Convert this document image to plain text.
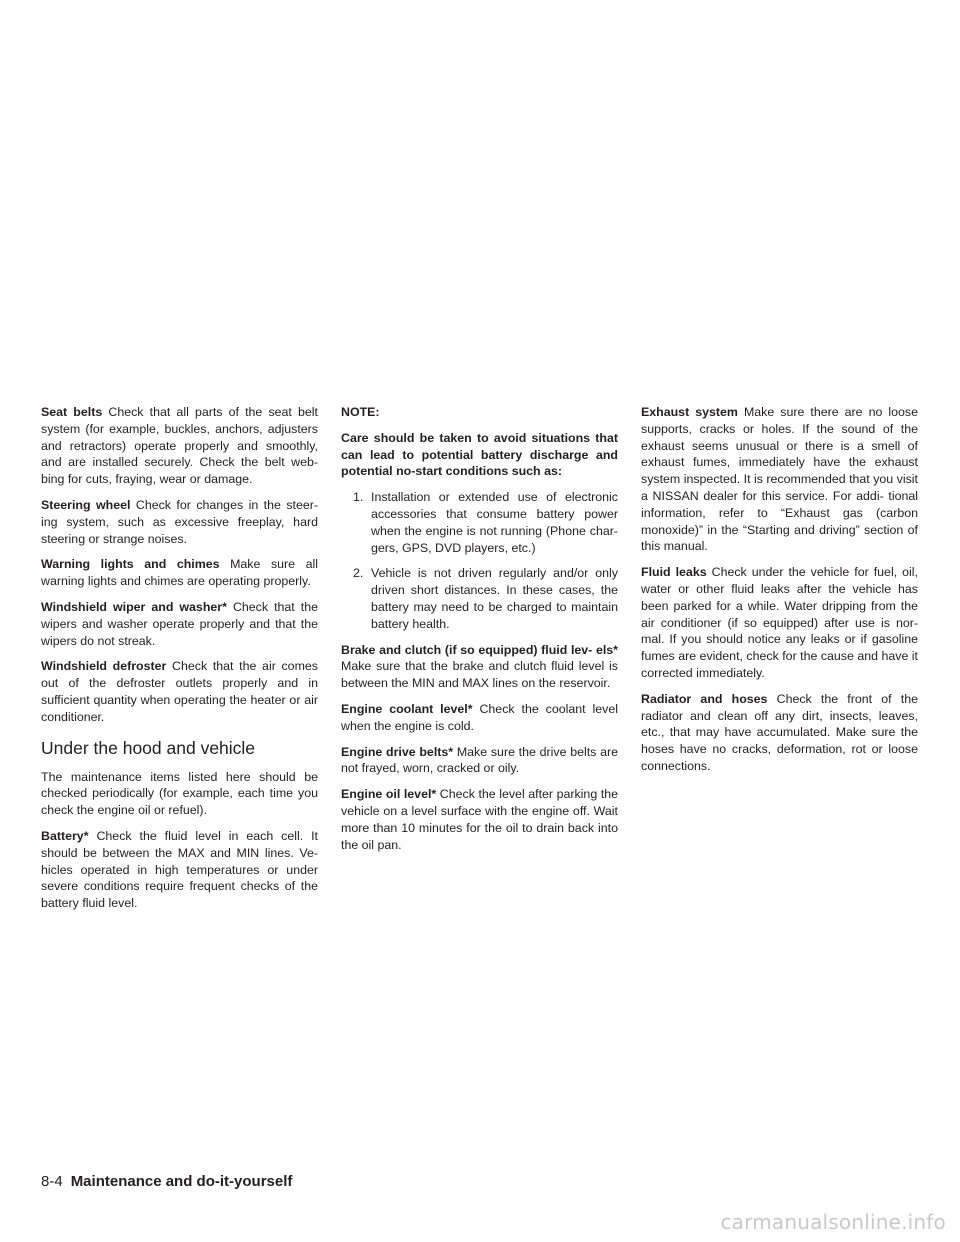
Seat belts Check that all parts of the seat belt system (for example, buckles, anchors, adjusters and retractors) operate properly and smoothly, and are installed securely. Check the belt web- bing for cuts, fraying, wear or damage.

Steering wheel Check for changes in the steer- ing system, such as excessive freeplay, hard steering or strange noises.

Warning lights and chimes Make sure all warning lights and chimes are operating properly.

Windshield wiper and washer* Check that the wipers and washer operate properly and that the wipers do not streak.

Windshield defroster Check that the air comes out of the defroster outlets properly and in sufficient quantity when operating the heater or air conditioner.

Under the hood and vehicle

The maintenance items listed here should be checked periodically (for example, each time you check the engine oil or refuel).

Battery* Check the fluid level in each cell. It should be between the MAX and MIN lines. Ve- hicles operated in high temperatures or under severe conditions require frequent checks of the battery fluid level.

NOTE:

Care should be taken to avoid situations that can lead to potential battery discharge and potential no-start conditions such as:

1. Installation or extended use of electronic accessories that consume battery power when the engine is not running (Phone char- gers, GPS, DVD players, etc.)
2. Vehicle is not driven regularly and/or only driven short distances. In these cases, the battery may need to be charged to maintain battery health.

Brake and clutch (if so equipped) fluid lev- els* Make sure that the brake and clutch fluid level is between the MIN and MAX lines on the reservoir.

Engine coolant level* Check the coolant level when the engine is cold.

Engine drive belts* Make sure the drive belts are not frayed, worn, cracked or oily.

Engine oil level* Check the level after parking the vehicle on a level surface with the engine off. Wait more than 10 minutes for the oil to drain back into the oil pan.

Exhaust system Make sure there are no loose supports, cracks or holes. If the sound of the exhaust seems unusual or there is a smell of exhaust fumes, immediately have the exhaust system inspected. It is recommended that you visit a NISSAN dealer for this service. For addi- tional information, refer to “Exhaust gas (carbon monoxide)” in the “Starting and driving” section of this manual.

Fluid leaks Check under the vehicle for fuel, oil, water or other fluid leaks after the vehicle has been parked for a while. Water dripping from the air conditioner (if so equipped) after use is nor- mal. If you should notice any leaks or if gasoline fumes are evident, check for the cause and have it corrected immediately.

Radiator and hoses Check the front of the radiator and clean off any dirt, insects, leaves, etc., that may have accumulated. Make sure the hoses have no cracks, deformation, rot or loose connections.

8-4 Maintenance and do-it-yourself
carmanualsonline.info
